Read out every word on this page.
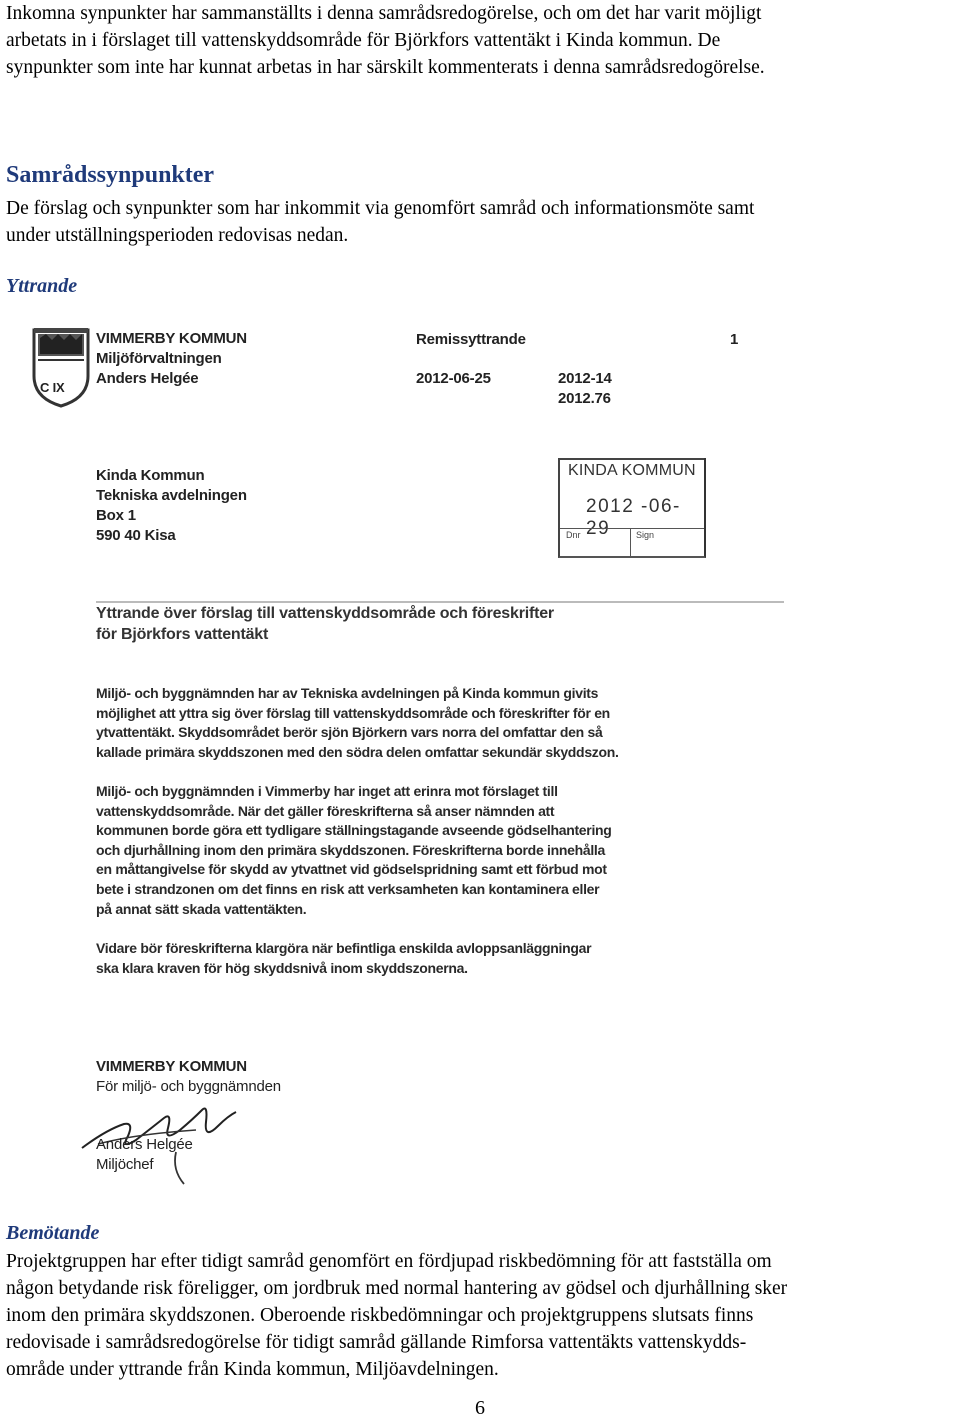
Inkomna synpunkter har sammanställts i denna samrådsredogörelse, och om det har varit möjligt
arbetats in i förslaget till vattenskyddsområde för Björkfors vattentäkt i Kinda kommun. De
synpunkter som inte har kunnat arbetas in har särskilt kommenterats i denna samrådsredogörelse.
Samrådssynpunkter
De förslag och synpunkter som har inkommit via genomfört samråd och informationsmöte samt
under utställningsperioden redovisas nedan.
Yttrande
C IX
VIMMERBY KOMMUN
Miljöförvaltningen
Anders Helgée
Remissyttrande	1
2012-06-25	2012-14
2012.76
Kinda Kommun
Tekniska avdelningen
Box 1
590 40 Kisa
KINDA KOMMUN
2012 -06- 29
Dnr	Sign
Yttrande över förslag till vattenskyddsområde och föreskrifter
för Björkfors vattentäkt
Miljö- och byggnämnden har av Tekniska avdelningen på Kinda kommun givits
möjlighet att yttra sig över förslag till vattenskyddsområde och föreskrifter för en
ytvattentäkt. Skyddsområdet berör sjön Björkern vars norra del omfattar den så
kallade primära skyddszonen med den södra delen omfattar sekundär skyddszon.
Miljö- och byggnämnden i Vimmerby har inget att erinra mot förslaget till
vattenskyddsområde. När det gäller föreskrifterna så anser nämnden att
kommunen borde göra ett tydligare ställningstagande avseende gödselhantering
och djurhållning inom den primära skyddszonen. Föreskrifterna borde innehålla
en måttangivelse för skydd av ytvattnet vid gödselspridning samt ett förbud mot
bete i strandzonen om det finns en risk att verksamheten kan kontaminera eller
på annat sätt skada vattentäkten.
Vidare bör föreskrifterna klargöra när befintliga enskilda avloppsanläggningar
ska klara kraven för hög skyddsnivå inom skyddszonerna.
VIMMERBY KOMMUN
För miljö- och byggnämnden
Anders Helgée
Miljöchef
Bemötande
Projektgruppen har efter tidigt samråd genomfört en fördjupad riskbedömning för att fastställa om
någon betydande risk föreligger, om jordbruk med normal hantering av gödsel och djurhållning sker
inom den primära skyddszonen. Oberoende riskbedömningar och projektgruppens slutsats finns
redovisade i samrådsredogörelse för tidigt samråd gällande Rimforsa vattentäkts vattenskydds-
område under yttrande från Kinda kommun, Miljöavdelningen.
6
